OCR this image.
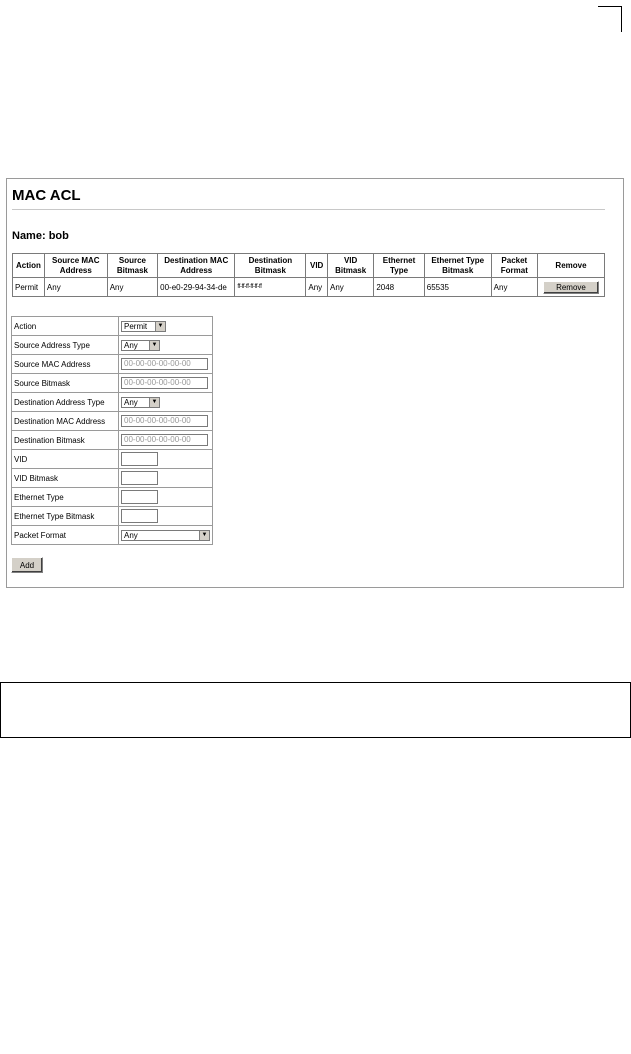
MAC ACL
Name: bob
Action	Source MAC Address	Source Bitmask	Destination MAC Address	Destination Bitmask	VID	VID Bitmask	Ethernet Type	Ethernet Type Bitmask	Packet Format	Remove
Permit	Any	Any	00-e0-29-94-34-de	ff-ff-ff-ff-ff-ff	Any	Any	2048	65535	Any	Remove
Action	Permit ▼

Source Address Type	Any ▼

Source MAC Address	00-00-00-00-00-00
Source Bitmask	00-00-00-00-00-00
Destination Address Type	Any ▼

Destination MAC Address	00-00-00-00-00-00
Destination Bitmask	00-00-00-00-00-00
VID	
VID Bitmask	
Ethernet Type	
Ethernet Type Bitmask	
Packet Format	Any ▼
Add
